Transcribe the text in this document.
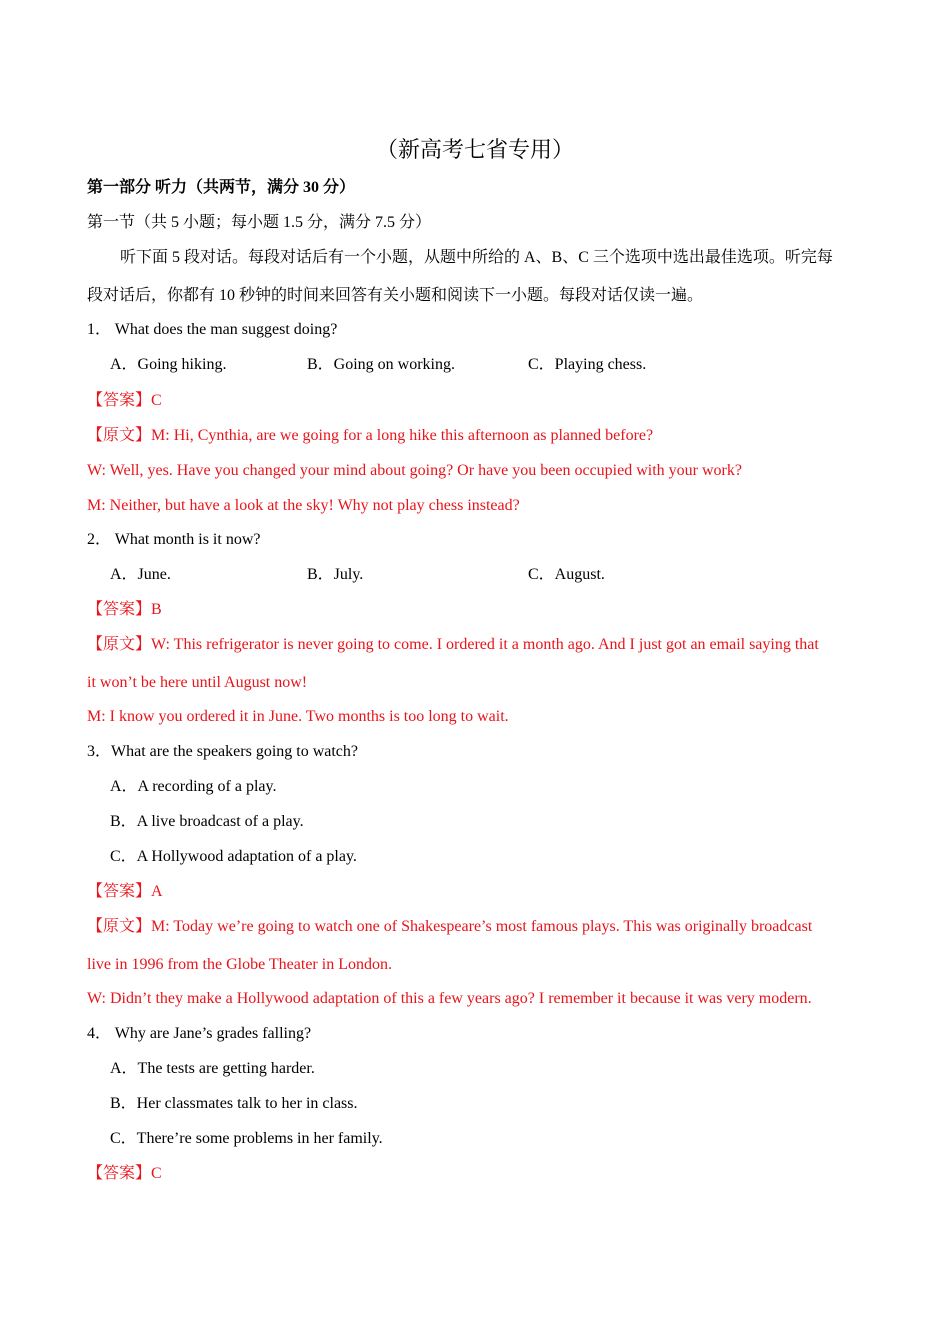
（新高考七省专用）
第一部分 听力（共两节，满分 30 分）
第一节（共 5 小题；每小题 1.5 分，满分 7.5 分）
听下面 5 段对话。每段对话后有一个小题，从题中所给的 A、B、C 三个选项中选出最佳选项。听完每
段对话后，你都有 10 秒钟的时间来回答有关小题和阅读下一小题。每段对话仅读一遍。
1． What does the man suggest doing?
A．Going hiking.	B．Going on working.	C．Playing chess.
【答案】C
【原文】M: Hi, Cynthia, are we going for a long hike this afternoon as planned before?
W: Well, yes. Have you changed your mind about going? Or have you been occupied with your work?
M: Neither, but have a look at the sky! Why not play chess instead?
2． What month is it now?
A．June.	B．July.	C．August.
【答案】B
【原文】W: This refrigerator is never going to come. I ordered it a month ago. And I just got an email saying that
it won’t be here until August now!
M: I know you ordered it in June. Two months is too long to wait.
3．What are the speakers going to watch?
A．A recording of a play.
B．A live broadcast of a play.
C．A Hollywood adaptation of a play.
【答案】A
【原文】M: Today we’re going to watch one of Shakespeare’s most famous plays. This was originally broadcast
live in 1996 from the Globe Theater in London.
W: Didn’t they make a Hollywood adaptation of this a few years ago? I remember it because it was very modern.
4． Why are Jane’s grades falling?
A．The tests are getting harder.
B．Her classmates talk to her in class.
C．There’re some problems in her family.
【答案】C
